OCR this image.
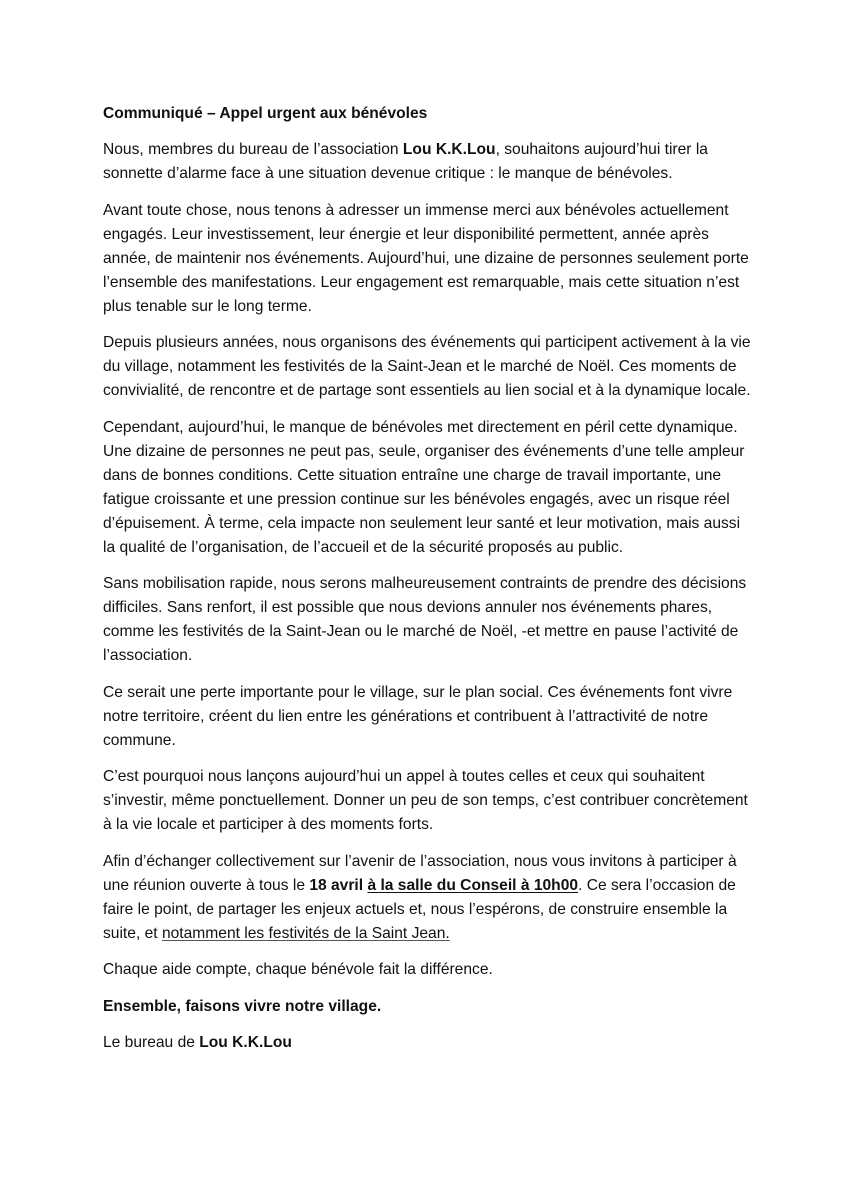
Communiqué – Appel urgent aux bénévoles

Nous, membres du bureau de l’association Lou K.K.Lou, souhaitons aujourd’hui tirer la sonnette d’alarme face à une situation devenue critique : le manque de bénévoles.

Avant toute chose, nous tenons à adresser un immense merci aux bénévoles actuellement engagés. Leur investissement, leur énergie et leur disponibilité permettent, année après année, de maintenir nos événements. Aujourd’hui, une dizaine de personnes seulement porte l’ensemble des manifestations. Leur engagement est remarquable, mais cette situation n’est plus tenable sur le long terme.

Depuis plusieurs années, nous organisons des événements qui participent activement à la vie du village, notamment les festivités de la Saint-Jean et le marché de Noël. Ces moments de convivialité, de rencontre et de partage sont essentiels au lien social et à la dynamique locale.

Cependant, aujourd’hui, le manque de bénévoles met directement en péril cette dynamique. Une dizaine de personnes ne peut pas, seule, organiser des événements d’une telle ampleur dans de bonnes conditions. Cette situation entraîne une charge de travail importante, une fatigue croissante et une pression continue sur les bénévoles engagés, avec un risque réel d’épuisement. À terme, cela impacte non seulement leur santé et leur motivation, mais aussi la qualité de l’organisation, de l’accueil et de la sécurité proposés au public.

Sans mobilisation rapide, nous serons malheureusement contraints de prendre des décisions difficiles. Sans renfort, il est possible que nous devions annuler nos événements phares, comme les festivités de la Saint-Jean ou le marché de Noël, -et mettre en pause l’activité de l’association.

Ce serait une perte importante pour le village, sur le plan social. Ces événements font vivre notre territoire, créent du lien entre les générations et contribuent à l’attractivité de notre commune.

C’est pourquoi nous lançons aujourd’hui un appel à toutes celles et ceux qui souhaitent s’investir, même ponctuellement. Donner un peu de son temps, c’est contribuer concrètement à la vie locale et participer à des moments forts.

Afin d’échanger collectivement sur l’avenir de l’association, nous vous invitons à participer à une réunion ouverte à tous le 18 avril à la salle du Conseil à 10h00. Ce sera l’occasion de faire le point, de partager les enjeux actuels et, nous l’espérons, de construire ensemble la suite, et notamment les festivités de la Saint Jean.

Chaque aide compte, chaque bénévole fait la différence.

Ensemble, faisons vivre notre village.

Le bureau de Lou K.K.Lou
